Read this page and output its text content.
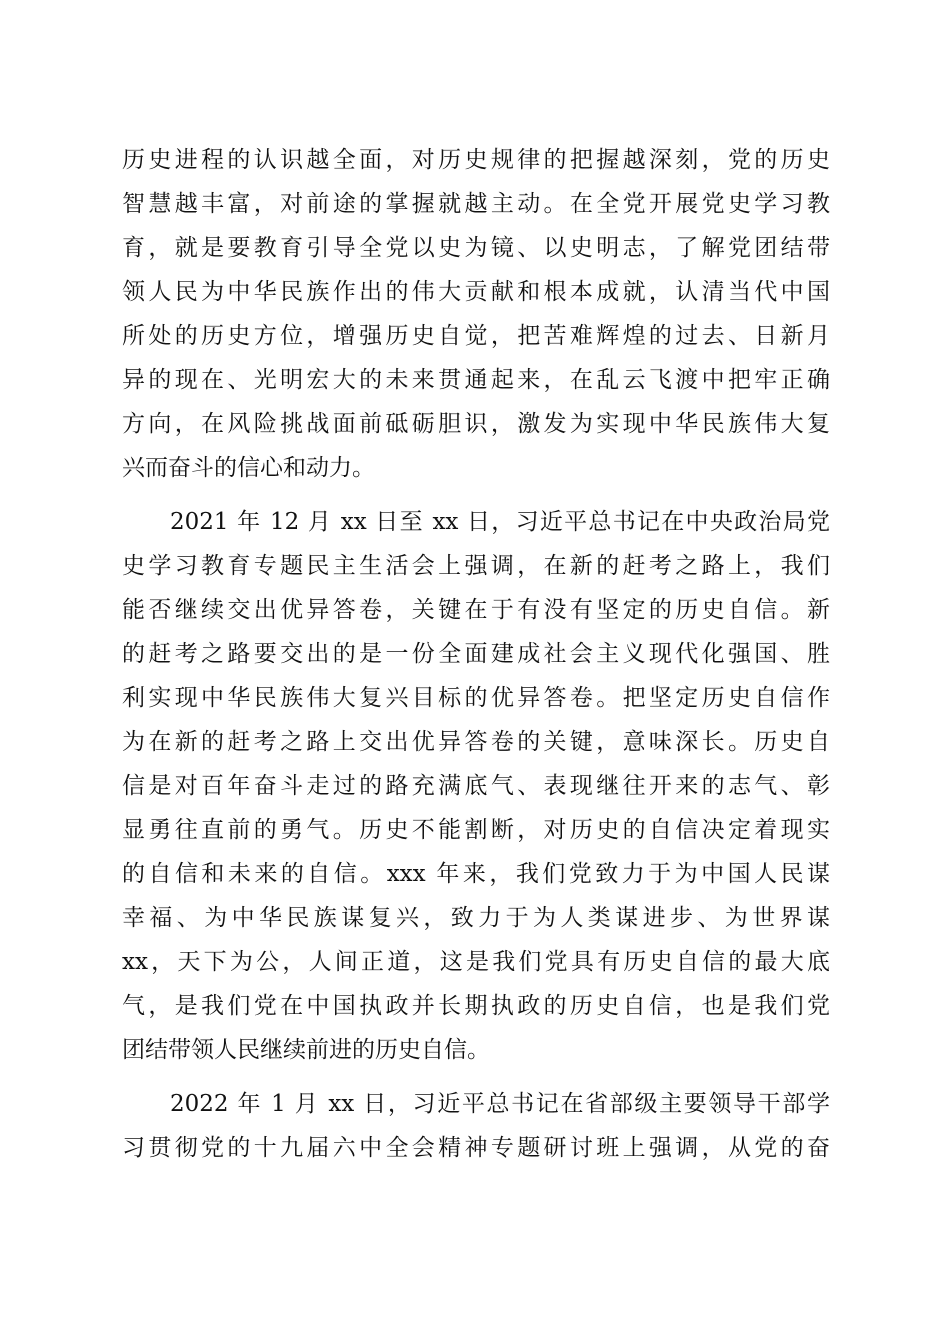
历史进程的认识越全面，对历史规律的把握越深刻，党的历史
智慧越丰富，对前途的掌握就越主动。在全党开展党史学习教
育，就是要教育引导全党以史为镜、以史明志，了解党团结带
领人民为中华民族作出的伟大贡献和根本成就，认清当代中国
所处的历史方位，增强历史自觉，把苦难辉煌的过去、日新月
异的现在、光明宏大的未来贯通起来，在乱云飞渡中把牢正确
方向，在风险挑战面前砥砺胆识，激发为实现中华民族伟大复
兴而奋斗的信心和动力。
2021 年 12 月 xx 日至 xx 日，习近平总书记在中央政治局党
史学习教育专题民主生活会上强调，在新的赶考之路上，我们
能否继续交出优异答卷，关键在于有没有坚定的历史自信。新
的赶考之路要交出的是一份全面建成社会主义现代化强国、胜
利实现中华民族伟大复兴目标的优异答卷。把坚定历史自信作
为在新的赶考之路上交出优异答卷的关键，意味深长。历史自
信是对百年奋斗走过的路充满底气、表现继往开来的志气、彰
显勇往直前的勇气。历史不能割断，对历史的自信决定着现实
的自信和未来的自信。xxx 年来，我们党致力于为中国人民谋
幸福、为中华民族谋复兴，致力于为人类谋进步、为世界谋
xx，天下为公，人间正道，这是我们党具有历史自信的最大底
气，是我们党在中国执政并长期执政的历史自信，也是我们党
团结带领人民继续前进的历史自信。
2022 年 1 月 xx 日，习近平总书记在省部级主要领导干部学
习贯彻党的十九届六中全会精神专题研讨班上强调，从党的奋
